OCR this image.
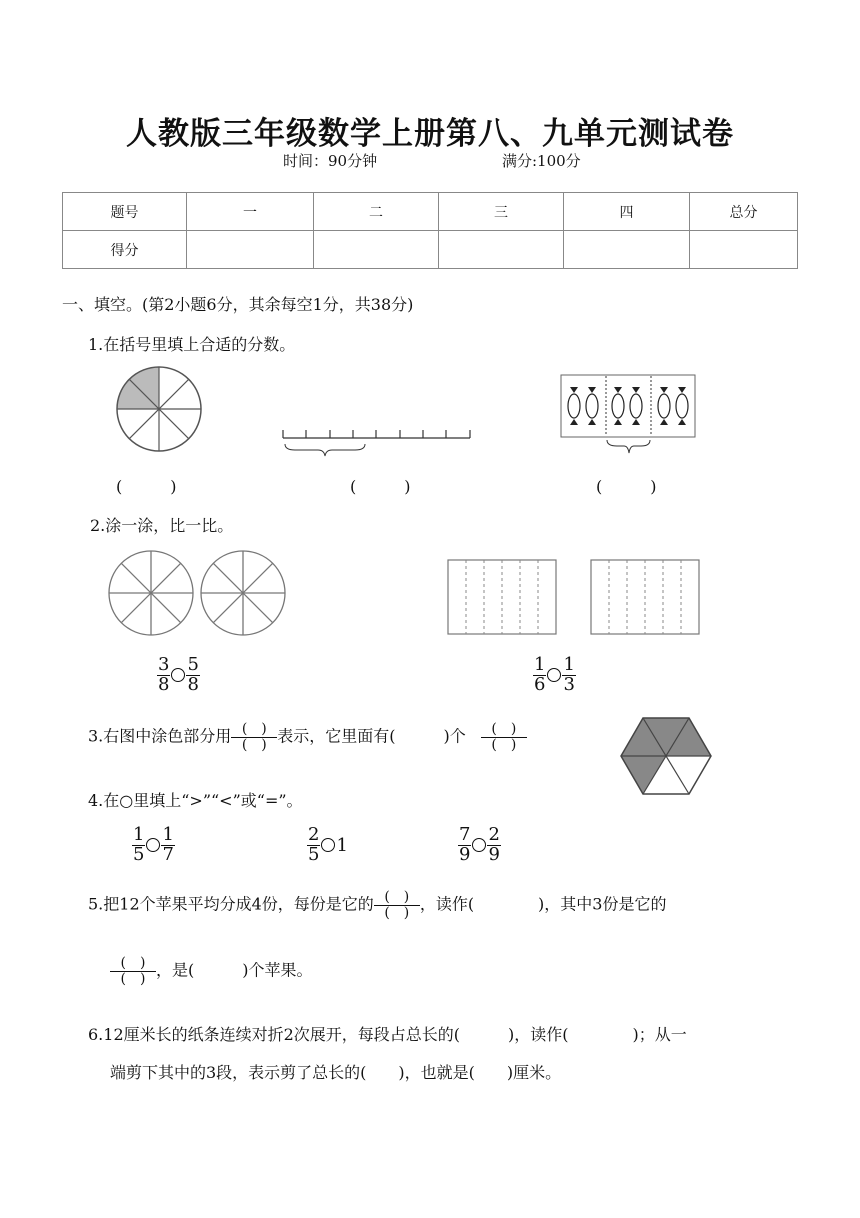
人教版三年级数学上册第八、九单元测试卷
时间：90分钟	满分:100分
题号	一	二	三	四	总分
得分					
一、填空。(第2小题6分，其余每空1分，共38分)
1.在括号里填上合适的分数。
(　　　)	(　　　)	(　　　)
2.涂一涂，比一比。
$\frac{3}{8} \frac{5}{8}$	$\frac{1}{6} \frac{1}{3}$
3.右图中涂色部分用 $\frac{( )}{( )}$ 表示，它里面有(　　　)个 $\frac{( )}{( )}$
4.在○里填上“>”“<”或“=”。
$\frac{1}{5} \frac{1}{7}$	$\frac{2}{5} 1$	$\frac{7}{9} \frac{2}{9}$
5.把12个苹果平均分成4份，每份是它的 $\frac{( )}{( )}$ ，读作(　　　　)，其中3份是它的
$\frac{( )}{( )}$ ，是(　　　)个苹果。
6.12厘米长的纸条连续对折2次展开，每段占总长的(　　　)，读作(　　　　)；从一
端剪下其中的3段，表示剪了总长的(　　)，也就是(　　)厘米。
